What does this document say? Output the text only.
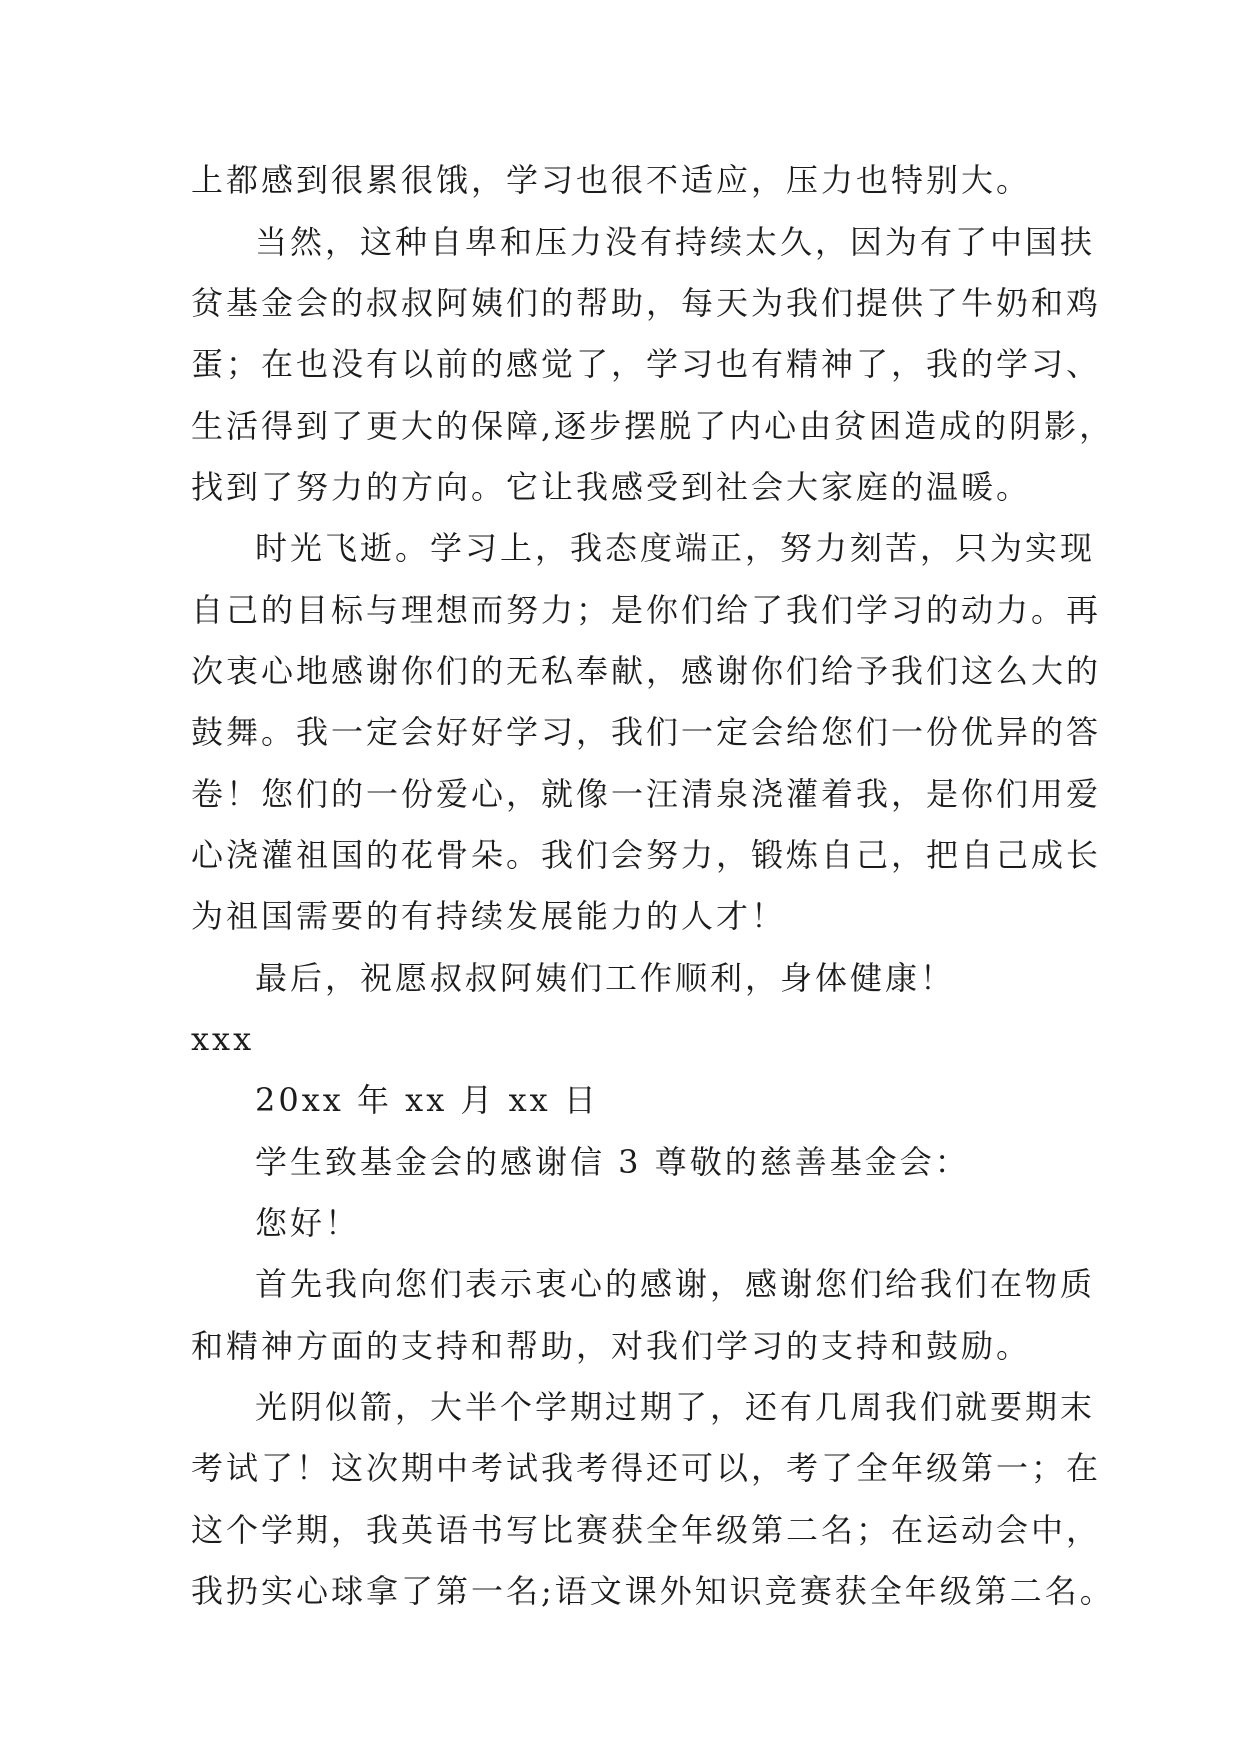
上都感到很累很饿，学习也很不适应，压力也特别大。
当然，这种自卑和压力没有持续太久，因为有了中国扶
贫基金会的叔叔阿姨们的帮助，每天为我们提供了牛奶和鸡
蛋；在也没有以前的感觉了，学习也有精神了，我的学习、
生活得到了更大的保障,逐步摆脱了内心由贫困造成的阴影，
找到了努力的方向。它让我感受到社会大家庭的温暖。
时光飞逝。学习上，我态度端正，努力刻苦，只为实现
自己的目标与理想而努力；是你们给了我们学习的动力。再
次衷心地感谢你们的无私奉献，感谢你们给予我们这么大的
鼓舞。我一定会好好学习，我们一定会给您们一份优异的答
卷！您们的一份爱心，就像一汪清泉浇灌着我，是你们用爱
心浇灌祖国的花骨朵。我们会努力，锻炼自己，把自己成长
为祖国需要的有持续发展能力的人才！
最后，祝愿叔叔阿姨们工作顺利，身体健康！
xxx
20xx 年 xx 月 xx 日
学生致基金会的感谢信 3 尊敬的慈善基金会：
您好！
首先我向您们表示衷心的感谢，感谢您们给我们在物质
和精神方面的支持和帮助，对我们学习的支持和鼓励。
光阴似箭，大半个学期过期了，还有几周我们就要期末
考试了！这次期中考试我考得还可以，考了全年级第一；在
这个学期，我英语书写比赛获全年级第二名；在运动会中，
我扔实心球拿了第一名;语文课外知识竞赛获全年级第二名。
